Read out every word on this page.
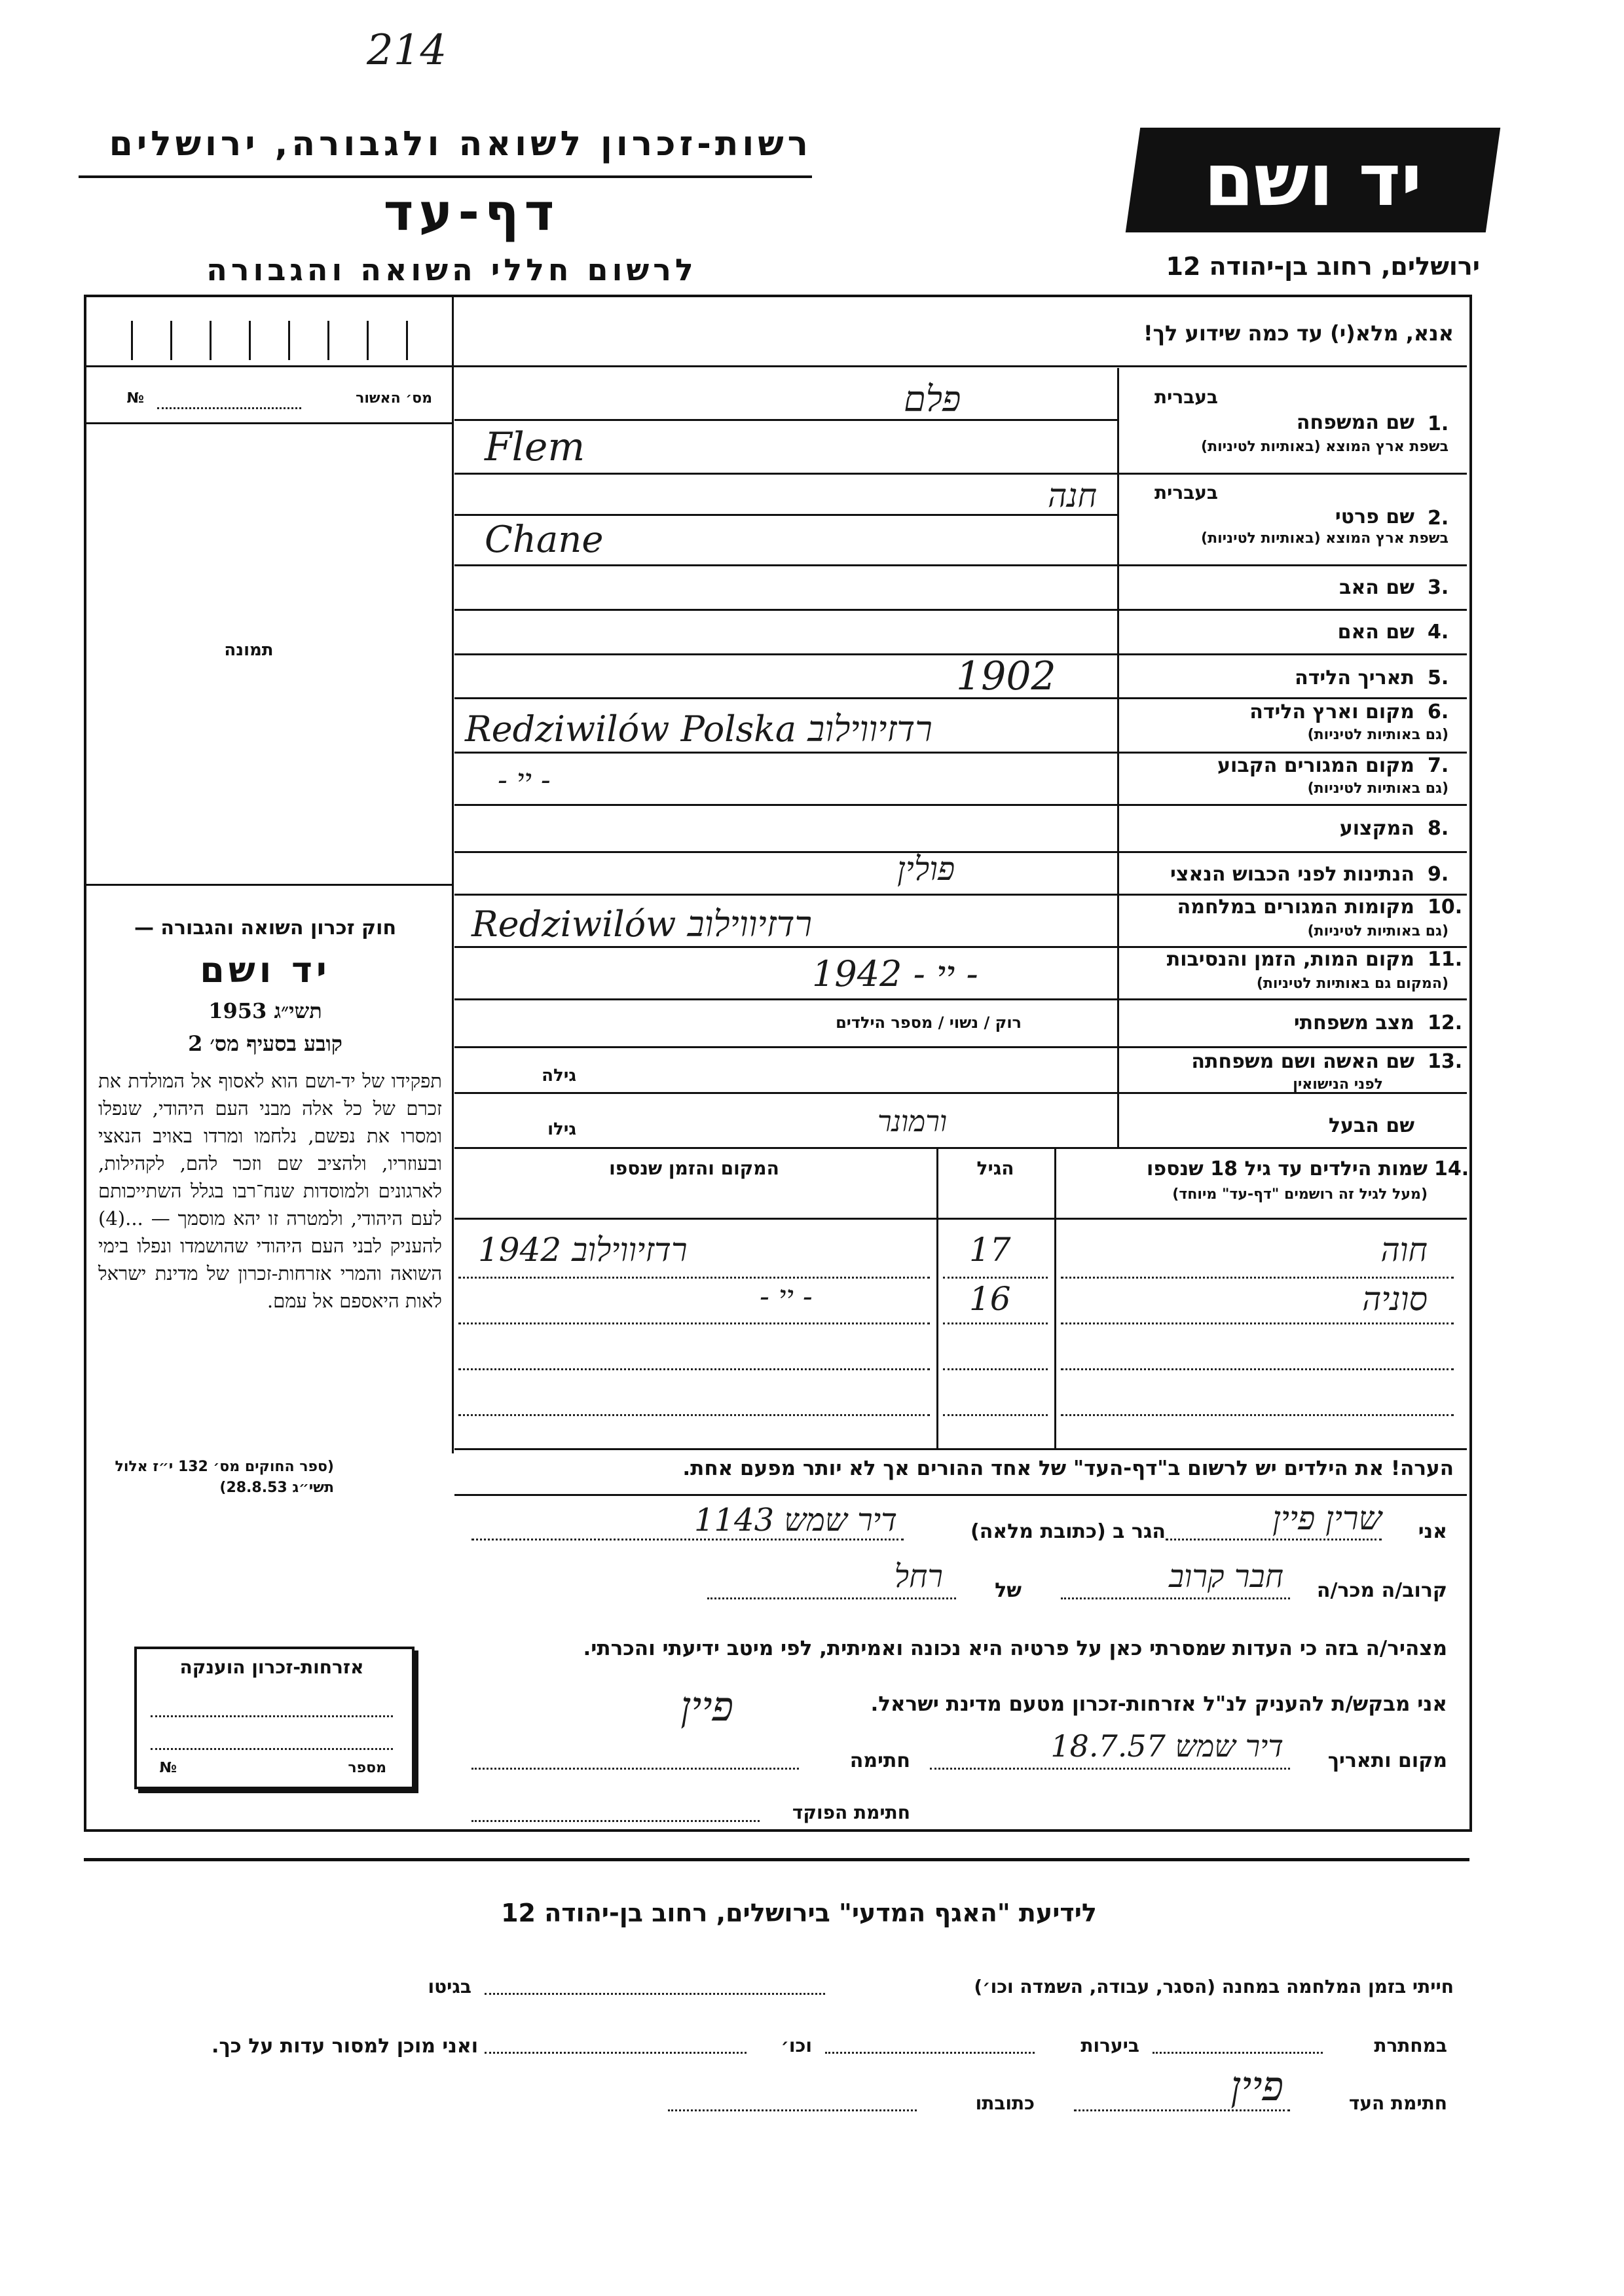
214
רשות-זכרון לשואה ולגבורה, ירושלים
דף-עד
לרשום חללי השואה והגבורה
יד ושם
ירושלים, רחוב בן-יהודה 12
אנא, מלא(י) עד כמה שידוע לך!
מס׳ האשור
№
תמונה
בעברית
שם המשפחה 1.
בשפת ארץ המוצא (באותיות לטיניות)
פלם
Flem
בעברית
שם פרטי 2.
בשפת ארץ המוצא (באותיות לטיניות)
חנה
Chane
שם האב 3.
שם האם 4.
תאריך הלידה 5.
1902
מקום וארץ הלידה 6.
(גם באותיות לטיניות)
Redziwilów Polska רדזיווילוב
מקום המגורים הקבוע 7.
(גם באותיות לטיניות)
- יי -
המקצוע 8.
הנתינות לפני הכבוש הנאצי 9.
פולין
מקומות המגורים במלחמה 10.
(גם באותיות לטיניות)
Redziwilów רדזיווילוב
מקום המות, הזמן והנסיבות 11.
(המקום גם באותיות לטיניות)
1942 - יי -
מצב משפחתי 12.
רוק / נשוי / מספר הילדים
שם האשה ושם משפחתה 13.
לפני הנישואין
גילה
שם הבעל
גילו	ורמונר
14.
שמות הילדים עד גיל 18 שנספו
(מעל לגיל זה רושמים "דף-עד" מיוחד)
הגיל
המקום והזמן שנספו
חוה
17
1942 רדזיווילוב
סוניה
16
- יי -
חוק זכרון השואה והגבורה —
יד ושם
תשי״ג 1953
קובע בסעיף מס׳ 2
תפקידו של יד-ושם הוא לאסוף אל המולדת את זכרם של כל אלה מבני העם היהודי, שנפלו ומסרו את נפשם, נלחמו ומרדו באויב הנאצי ובעוזריו, ולהציב שם וזכר להם, לקהילות, לארגונים ולמוסדות שנח־רבו בגלל השתייכותם לעם היהודי, ולמטרה זו יהא מוסמך — ...(4) להעניק לבני העם היהודי שהושמדו ונפלו בימי השואה והמרי אזרחות-זכרון של מדינת ישראל לאות היאספם אל עמם.
(ספר החוקים מס׳ 132 י״ז אלול תשי״ג 28.8.53)
הערה! את הילדים יש לרשום ב"דף-העד" של אחד ההורים אך לא יותר מפעם אחת.
אני
שרין פיין
הגר ב (כתובת מלאה)
דיר שמש 1143
קרוב/ה מכר/ה
חבר קרוב
של
רחל
מצהיר/ה בזה כי העדות שמסרתי כאן על פרטיה היא נכונה ואמיתית, לפי מיטב ידיעתי והכרתי.
אני מבקש/ת להעניק לנ"ל אזרחות-זכרון מטעם מדינת ישראל.
פיין
מקום ותאריך
דיר שמש 18.7.57
חתימה
חתימת הפוקד
אזרחות-זכרון הוענקה
מספר
№
לידיעת "האגף המדעי" בירושלים, רחוב בן-יהודה 12
חייתי בזמן המלחמה במחנה (הסגר, עבודה, השמדה וכו׳)
בגיטו
במחתרת
ביערות
וכו׳
ואני מוכן למסור עדות על כך.
חתימת העד
פיין
כתובתו
